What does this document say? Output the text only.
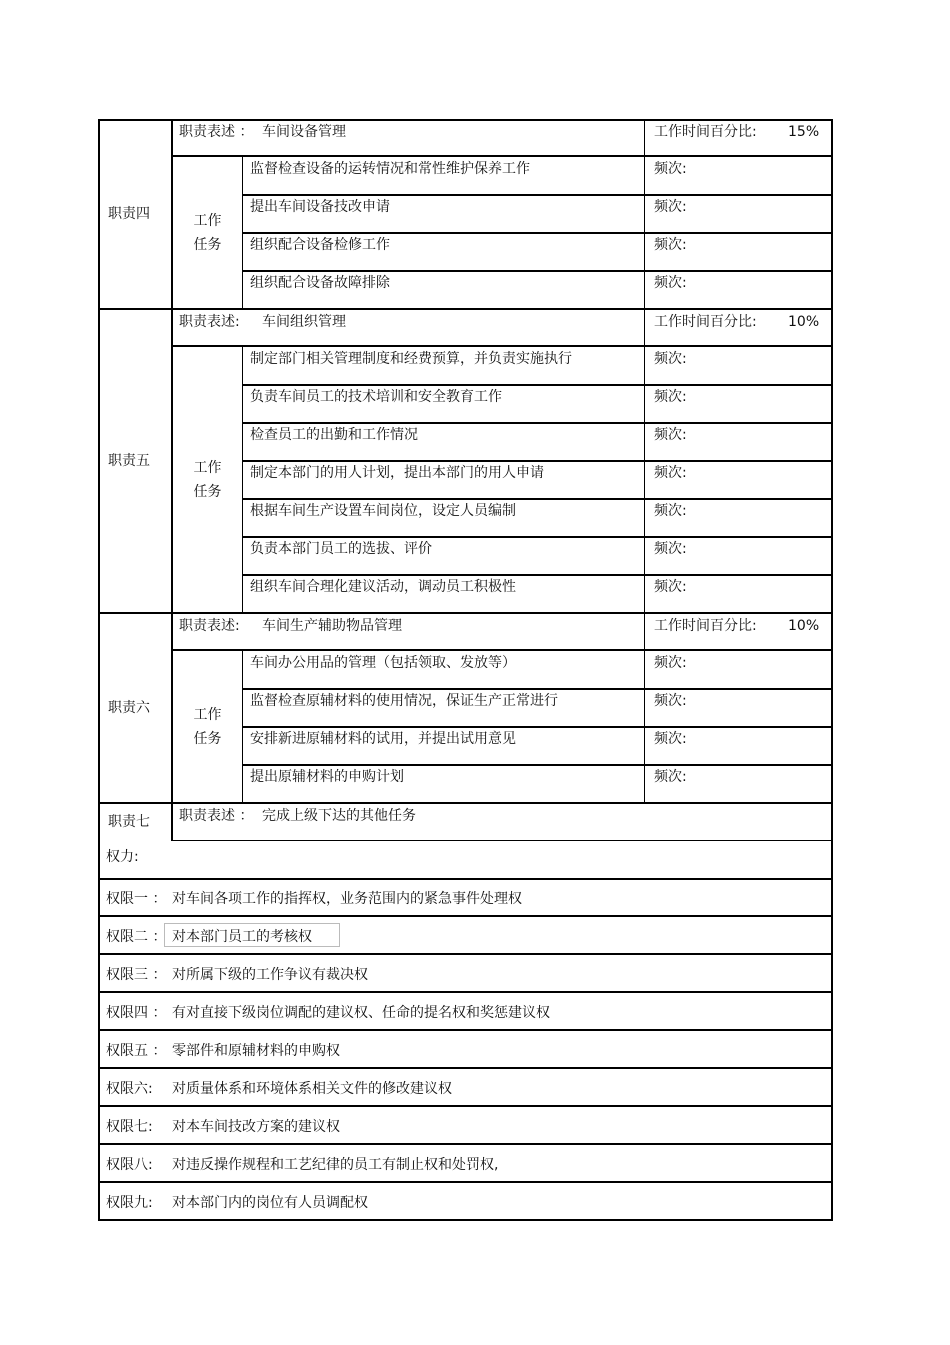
职责四
职责表述 ： 车间设备管理	工作时间百分比: 15%
工作任务
监督检查设备的运转情况和常性维护保养工作	频次:
提出车间设备技改申请	频次:
组织配合设备检修工作	频次:
组织配合设备故障排除	频次:
职责五
职责表述: 车间组织管理	工作时间百分比: 10%
工作任务
制定部门相关管理制度和经费预算，并负责实施执行	频次:
负责车间员工的技术培训和安全教育工作	频次:
检查员工的出勤和工作情况	频次:
制定本部门的用人计划，提出本部门的用人申请	频次:
根据车间生产设置车间岗位，设定人员编制	频次:
负责本部门员工的选拔、评价	频次:
组织车间合理化建议活动，调动员工积极性	频次:
职责六
职责表述: 车间生产辅助物品管理	工作时间百分比: 10%
工作任务
车间办公用品的管理（包括领取、发放等）	频次:
监督检查原辅材料的使用情况，保证生产正常进行	频次:
安排新进原辅材料的试用，并提出试用意见	频次:
提出原辅材料的申购计划	频次:
职责七 职责表述 ： 完成上级下达的其他任务
权力:
权限一 ： 对车间各项工作的指挥权，业务范围内的紧急事件处理权
权限二 ： 对本部门员工的考核权
权限三 ： 对所属下级的工作争议有裁决权
权限四 ： 有对直接下级岗位调配的建议权、任命的提名权和奖惩建议权
权限五 ： 零部件和原辅材料的申购权
权限六: 对质量体系和环境体系相关文件的修改建议权
权限七: 对本车间技改方案的建议权
权限八: 对违反操作规程和工艺纪律的员工有制止权和处罚权,
权限九: 对本部门内的岗位有人员调配权
